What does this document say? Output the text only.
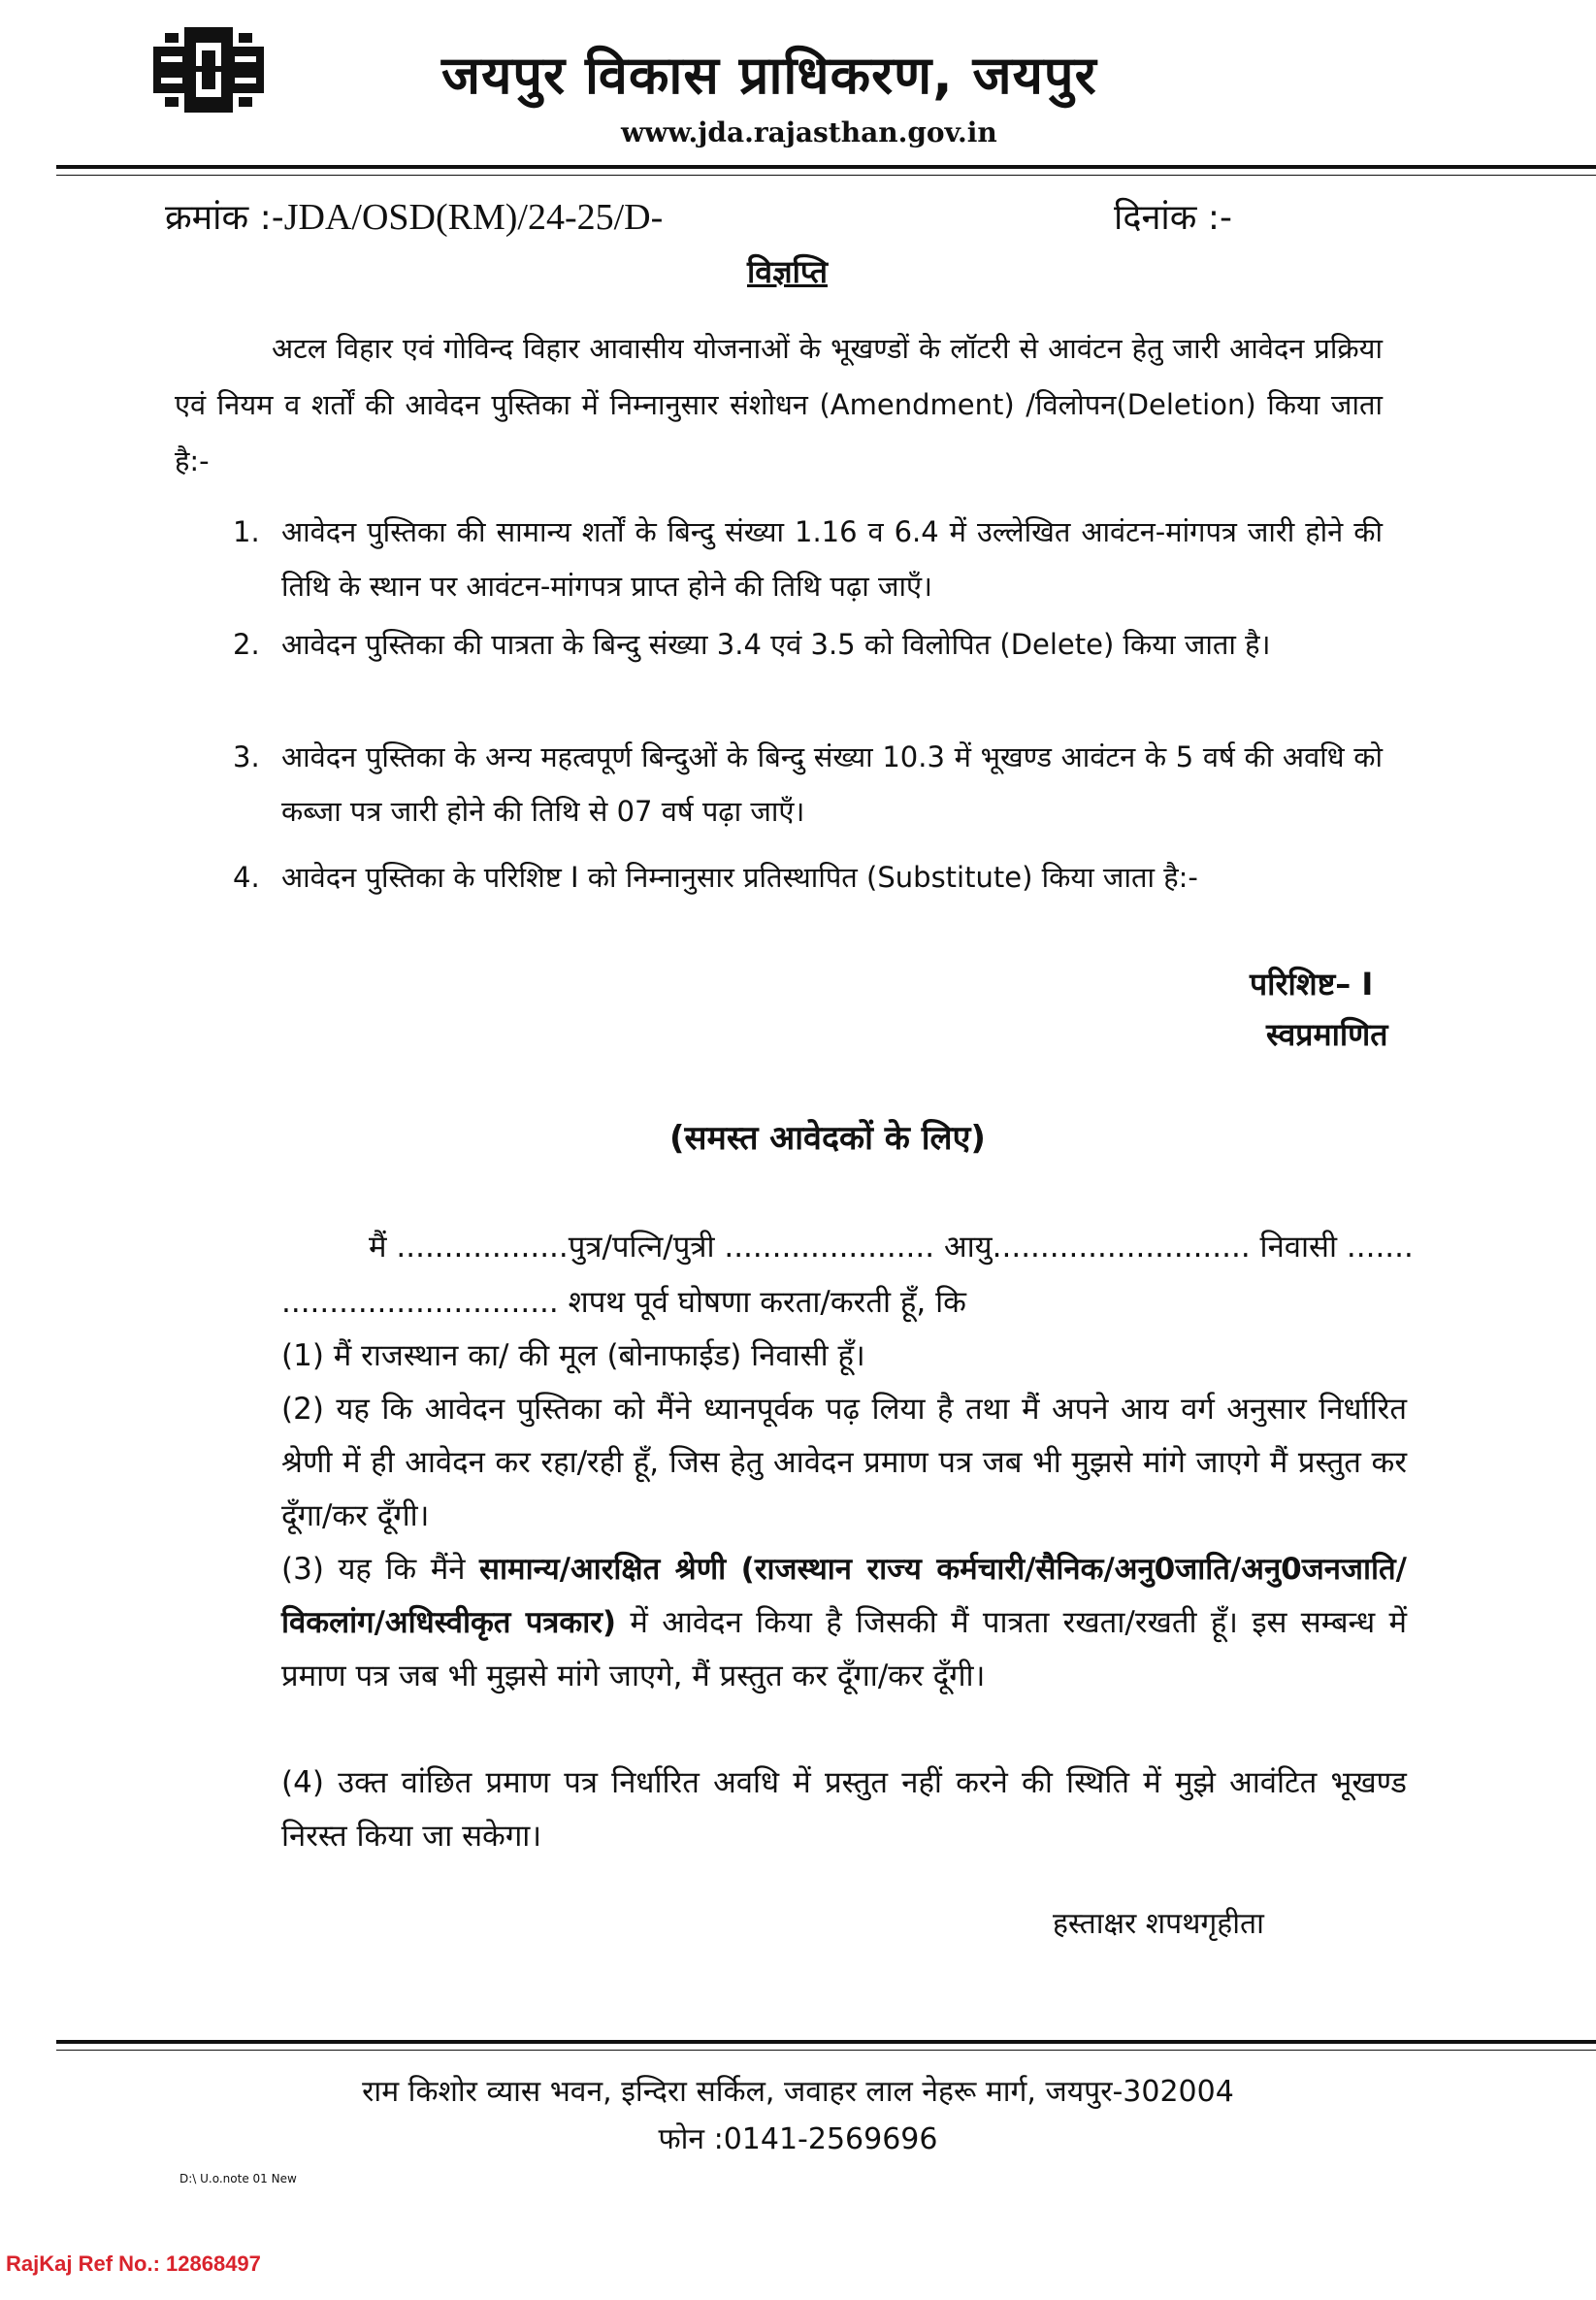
जयपुर विकास प्राधिकरण, जयपुर
www.jda.rajasthan.gov.in
क्रमांक :-JDA/OSD(RM)/24-25/D-	दिनांक :-
विज्ञप्ति
अटल विहार एवं गोविन्द विहार आवासीय योजनाओं के भूखण्डों के लॉटरी से आवंटन हेतु जारी आवेदन प्रक्रिया एवं नियम व शर्तों की आवेदन पुस्तिका में निम्नानुसार संशोधन (Amendment) /विलोपन(Deletion) किया जाता है:-
1. आवेदन पुस्तिका की सामान्य शर्तों के बिन्दु संख्या 1.16 व 6.4 में उल्लेखित आवंटन-मांगपत्र जारी होने की तिथि के स्थान पर आवंटन-मांगपत्र प्राप्त होने की तिथि पढ़ा जाएँ।
2. आवेदन पुस्तिका की पात्रता के बिन्दु संख्या 3.4 एवं 3.5 को विलोपित (Delete) किया जाता है।
3. आवेदन पुस्तिका के अन्य महत्वपूर्ण बिन्दुओं के बिन्दु संख्या 10.3 में भूखण्ड आवंटन के 5 वर्ष की अवधि को कब्जा पत्र जारी होने की तिथि से 07 वर्ष पढ़ा जाएँ।
4. आवेदन पुस्तिका के परिशिष्ट I को निम्नानुसार प्रतिस्थापित (Substitute) किया जाता है:-
परिशिष्ट– I
स्वप्रमाणित
(समस्त आवेदकों के लिए)
मैं ..................पुत्र/पत्नि/पुत्री ...................... आयु........................... निवासी .......
............................. शपथ पूर्व घोषणा करता/करती हूँ, कि
(1) मैं राजस्थान का/ की मूल (बोनाफाईड) निवासी हूँ।
(2) यह कि आवेदन पुस्तिका को मैंने ध्यानपूर्वक पढ़ लिया है तथा मैं अपने आय वर्ग अनुसार निर्धारित श्रेणी में ही आवेदन कर रहा/रही हूँ, जिस हेतु आवेदन प्रमाण पत्र जब भी मुझसे मांगे जाएगे मैं प्रस्तुत कर दूँगा/कर दूँगी।
(3) यह कि मैंने सामान्य/आरक्षित श्रेणी (राजस्थान राज्य कर्मचारी/सैनिक/अनु0जाति/अनु0जनजाति/विकलांग/अधिस्वीकृत पत्रकार) में आवेदन किया है जिसकी मैं पात्रता रखता/रखती हूँ। इस सम्बन्ध में प्रमाण पत्र जब भी मुझसे मांगे जाएगे, मैं प्रस्तुत कर दूँगा/कर दूँगी।
(4) उक्त वांछित प्रमाण पत्र निर्धारित अवधि में प्रस्तुत नहीं करने की स्थिति में मुझे आवंटित भूखण्ड निरस्त किया जा सकेगा।
हस्ताक्षर शपथगृहीता
राम किशोर व्यास भवन, इन्दिरा सर्किल, जवाहर लाल नेहरू मार्ग, जयपुर-302004
फोन :0141-2569696
D:\ U.o.note 01 New
RajKaj Ref No.: 12868497
